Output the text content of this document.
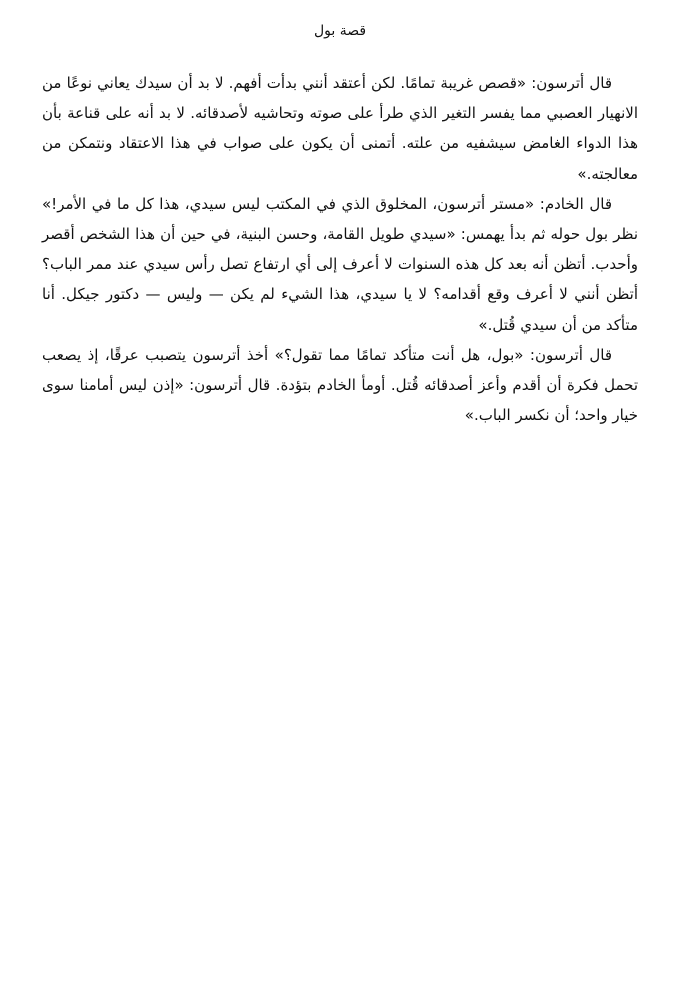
قصة بول

قال أترسون: «قصص غريبة تمامًا. لكن أعتقد أنني بدأت أفهم. لا بد أن سيدك يعاني نوعًا من الانهيار العصبي مما يفسر التغير الذي طرأ على صوته وتحاشيه لأصدقائه. لا بد أنه على قناعة بأن هذا الدواء الغامض سيشفيه من علته. أتمنى أن يكون على صواب في هذا الاعتقاد ونتمكن من معالجته.»

قال الخادم: «مستر أترسون، المخلوق الذي في المكتب ليس سيدي، هذا كل ما في الأمر!» نظر بول حوله ثم بدأ يهمس: «سيدي طويل القامة، وحسن البنية، في حين أن هذا الشخص أقصر وأحدب. أتظن أنه بعد كل هذه السنوات لا أعرف إلى أي ارتفاع تصل رأس سيدي عند ممر الباب؟ أتظن أنني لا أعرف وقع أقدامه؟ لا يا سيدي، هذا الشيء لم يكن — وليس — دكتور جيكل. أنا متأكد من أن سيدي قُتل.»

قال أترسون: «بول، هل أنت متأكد تمامًا مما تقول؟» أخذ أترسون يتصبب عرقًا، إذ يصعب تحمل فكرة أن أقدم وأعز أصدقائه قُتل. أومأ الخادم بتؤدة. قال أترسون: «إذن ليس أمامنا سوى خيار واحد؛ أن نكسر الباب.»
